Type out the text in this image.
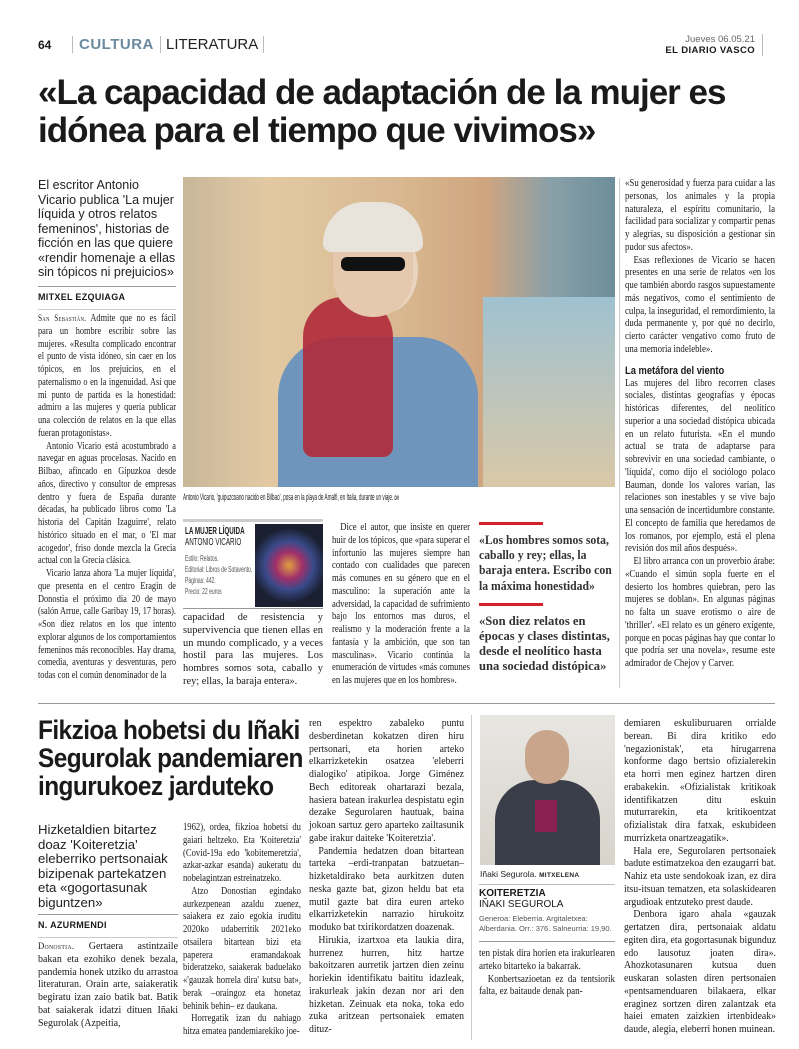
64	CULTURA LITERATURA	Jueves 06.05.21
EL DIARIO VASCO
«La capacidad de adaptación de la mujer es idónea para el tiempo que vivimos»
El escritor Antonio Vicario publica 'La mujer líquida y otros relatos femeninos', historias de ficción en las que quiere «rendir homenaje a ellas sin tópicos ni prejuicios»
MITXEL EZQUIAGA

San Sebastián. Admite que no es fácil para un hombre escribir sobre las mujeres. «Resulta complicado encontrar el punto de vista idóneo, sin caer en los tópicos, en los prejuicios, en el paternalismo o en la ingenuidad. Así que mi punto de partida es la honestidad: admiro a las mujeres y quería publicar una colección de relatos en la que ellas fueran protagonistas».

Antonio Vicario está acostumbrado a navegar en aguas procelosas. Nacido en Bilbao, afincado en Gipuzkoa desde años, directivo y consultor de empresas dentro y fuera de España durante décadas, ha publicado libros como 'La historia del Capitán Izaguirre', relato histórico situado en el mar, o 'El mar acogedor', friso donde mezcla la Grecia actual con la Grecia clásica.

Vicario lanza ahora 'La mujer líquida', que presenta en el centro Eragin de Donostia el próximo día 20 de mayo (salón Arrue, calle Garibay 19, 17 horas). «Son diez relatos en los que intento explorar algunos de los comportamientos femeninos más reconocibles. Hay drama, comedia, aventuras y desventuras, pero todas con el común denominador de la

Antonio Vicario, 'guipuzcoano nacido en Bilbao', posa en la playa de Amalfi, en Italia, durante un viaje. DV
LA MUJER LÍQUIDA
ANTONIO VICARIO
Estilo: Relatos.
Editorial: Libros de Sotavento.
Páginas: 442.
Precio: 22 euros

capacidad de resistencia y supervivencia que tienen ellas en un mundo complicado, y a veces hostil para las mujeres. Los hombres somos sota, caballo y rey; ellas, la baraja entera».

Dice el autor, que insiste en querer huir de los tópicos, que «para superar el infortunio las mujeres siempre han contado con cualidades que parecen más comunes en su género que en el masculino: la superación ante la adversidad, la capacidad de sufrimiento bajo los entornos mas duros, el realismo y la moderación frente a la fantasía y la ambición, que son tan masculinas». Vicario continúa la enumeración de virtudes «más comunes en las mujeres que en los hombres».

«Los hombres somos sota, caballo y rey; ellas, la baraja entera. Escribo con la máxima honestidad»
«Son diez relatos en épocas y clases distintas, desde el neolítico hasta una sociedad distópica»

«Su generosidad y fuerza para cuidar a las personas, los animales y la propia naturaleza, el espíritu comunitario, la facilidad para socializar y compartir penas y alegrías, su disposición a gestionar sin pudor sus afectos».

Esas reflexiones de Vicario se hacen presentes en una serie de relatos «en los que también abordo rasgos supuestamente más negativos, como el sentimiento de culpa, la inseguridad, el remordimiento, la duda permanente y, por qué no decirlo, cierto carácter vengativo como fruto de una memoria indeleble».

La metáfora del viento

Las mujeres del libro recorren clases sociales, distintas geografías y épocas históricas diferentes, del neolítico superior a una sociedad distópica ubicada en un relato futurista. «En el mundo actual se trata de adaptarse para sobrevivir en una sociedad cambiante, o 'líquida', como dijo el sociólogo polaco Bauman, donde los valores varían, las relaciones son inestables y se vive bajo una sensación de incertidumbre constante. El concepto de familia que heredamos de los romanos, por ejemplo, está el plena revisión dos mil años después».

El libro arranca con un proverbio árabe: «Cuando el simún sopla fuerte en el desierto los hombres quiebran, pero las mujeres se doblan». En algunas páginas no falta un suave erotismo o aire de 'thriller'. «El relato es un género exigente, porque en pocas páginas hay que contar lo que podría ser una novela», resume este admirador de Chejov y Carver.

Fikzioa hobetsi du Iñaki Segurolak pandemiaren ingurukoez jarduteko
Hizketaldien bitartez doaz 'Koiteretzia' eleberriko pertsonaiak bizipenak partekatzen eta «gogortasunak biguntzen»
N. AZURMENDI

Donostia. Gertaera astintzaile bakan eta ezohiko denek bezala, pandemia honek utziko du arrastoa literaturan. Orain arte, saiakeratik begiratu izan zaio batik bat. Batik bat saiakerak idatzi dituen Iñaki Segurolak (Azpeitia,

1962), ordea, fikzioa hobetsi du gaiari heltzeko. Eta 'Koiteretzia' (Covid-19a edo 'kobitemeretzia', azkar-azkar esanda) aukeratu du nobelagintzan estreinatzeko.

Atzo Donostian egindako aurkezpenean azaldu zuenez, saiakera ez zaio egokia iruditu 2020ko udaberritik 2021eko otsailera bitartean bizi eta paperera eramandakoak bideratzeko, saiakerak baduelako «'gauzak horrela dira' kutsu bat», berak –oraingoz eta honetaz behinik behin– ez daukana.

Horregatik izan du nahiago hitza ematea pandemiarekiko joe-

ren espektro zabaleko puntu desberdinetan kokatzen diren hiru pertsonari, eta horien arteko elkarrizketekin osatzea 'eleberri dialogiko' atipikoa. Jorge Giménez Bech editoreak ohartarazi bezala, hasiera batean irakurlea despistatu egin dezake Segurolaren hautuak, baina jokoan sartuz gero aparteko zailtasunik gabe irakur daiteke 'Koiteretzia'.

Pandemia hedatzen doan bitartean tarteka –erdi-tranpatan batzuetan– hizketaldirako beta aurkitzen duten neska gazte bat, gizon heldu bat eta mutil gazte bat dira euren arteko elkarrizketekin narrazio hirukoitz moduko bat txirikordatzen doazenak.

Hirukia, izartxoa eta laukia dira, hurrenez hurren, hitz hartze bakoitzaren aurretik jartzen dien zeinu horiekin identifikatu baititu idazleak, irakurleak jakin dezan nor ari den hizketan. Zeinuak eta noka, toka edo zuka aritzean pertsonaiek ematen dituz-

Iñaki Segurola. MITXELENA
KOITERETZIA
IÑAKI SEGUROLA
Generoa: Eleberria. Argitaletxea: Alberdania. Orr.: 376. Salneurria: 19,90.

ten pistak dira horien eta irakurlearen arteko bitarteko ia bakarrak.

Konbertsazioetan ez da tentsiorik falta, ez baitaude denak pan-

demiaren eskuliburuaren orrialde berean. Bi dira kritiko edo 'negazionistak', eta hirugarrena konforme dago bertsio ofizialerekin eta horri men eginez hartzen diren erabakekin. «Ofizialistak kritikoak identifikatzen ditu eskuin muturrarekin, eta kritikoentzat ofizialistak dira fatxak, eskubideen murrizketa onartzeagatik».

Hala ere, Segurolaren pertsonaiek badute estimatzekoa den ezaugarri bat. Nahiz eta uste sendokoak izan, ez dira itsu-itsuan tematzen, eta solaskidearen argudioak entzuteko prest daude.

Denbora igaro ahala «gauzak gertatzen dira, pertsonaiak aldatu egiten dira, eta gogortasunak bigunduz edo lausotuz joaten dira». Ahozkotasunaren kutsua duen euskaran solasten diren pertsonaien «pentsamenduaren bilakaera, elkar eraginez sortzen diren zalantzak eta haiei ematen zaizkien irtenbideak» daude, alegia, eleberri honen muinean.
